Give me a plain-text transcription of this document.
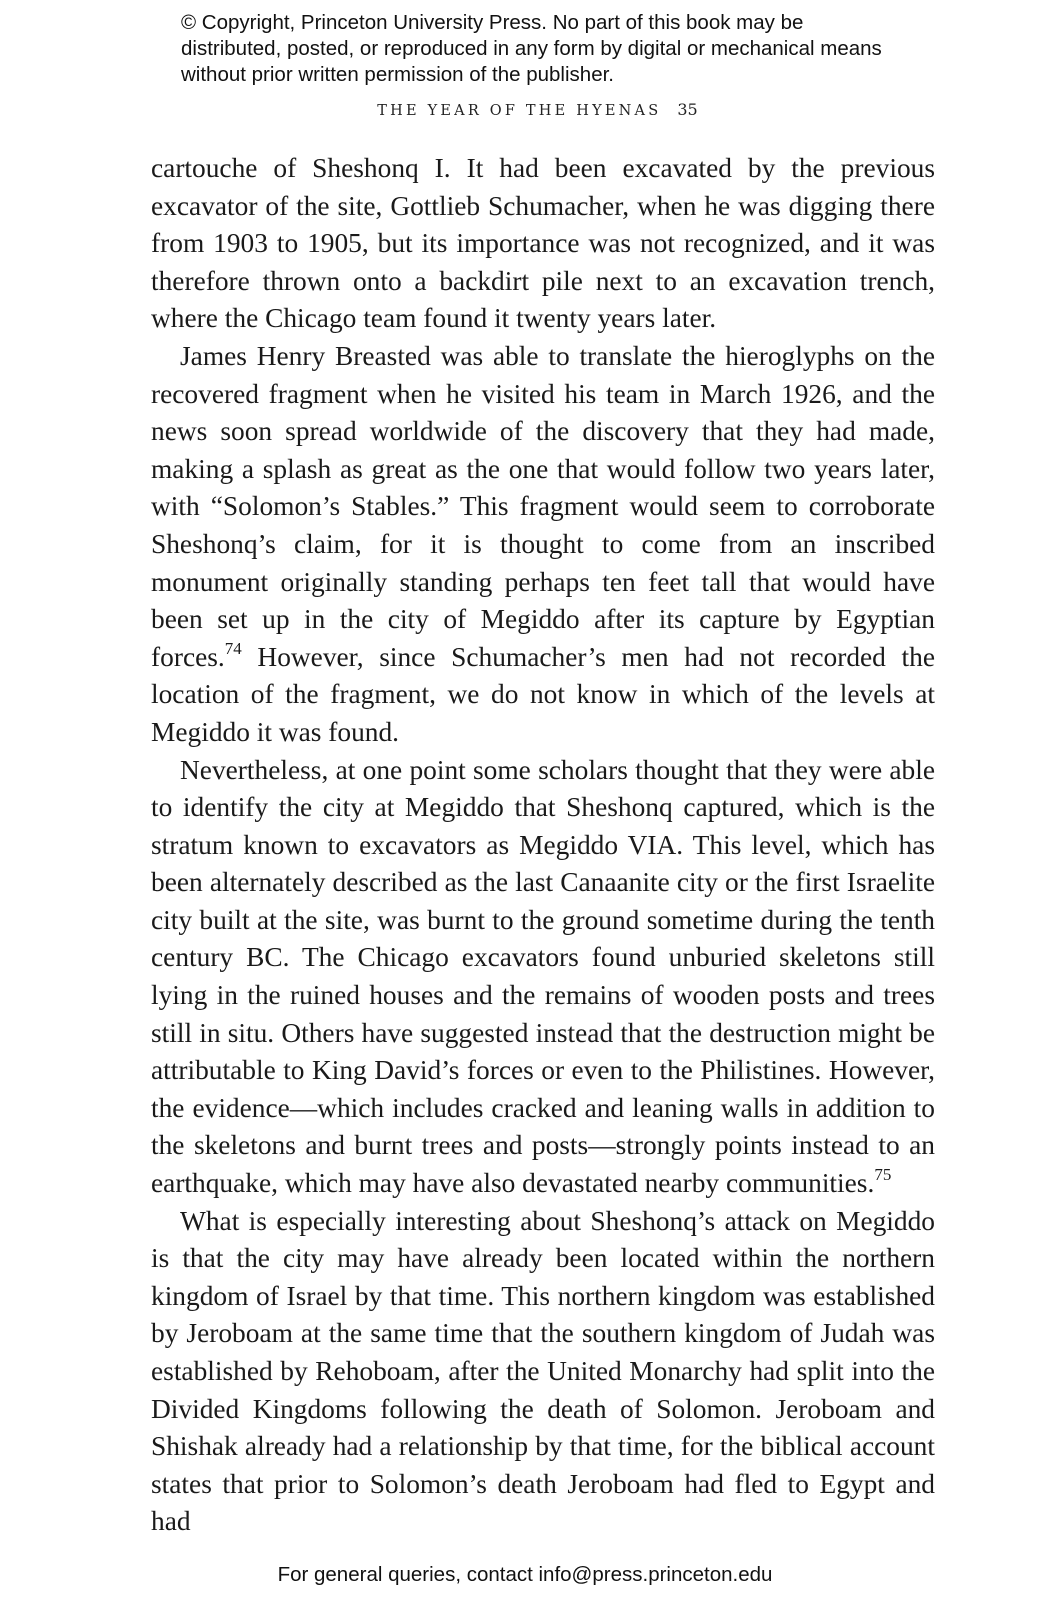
© Copyright, Princeton University Press. No part of this book may be distributed, posted, or reproduced in any form by digital or mechanical means without prior written permission of the publisher.
THE YEAR OF THE HYENAS 35

cartouche of Sheshonq I. It had been excavated by the previous excavator of the site, Gottlieb Schumacher, when he was digging there from 1903 to 1905, but its importance was not recognized, and it was therefore thrown onto a backdirt pile next to an excavation trench, where the Chicago team found it twenty years later.

James Henry Breasted was able to translate the hieroglyphs on the recovered fragment when he visited his team in March 1926, and the news soon spread worldwide of the discovery that they had made, making a splash as great as the one that would follow two years later, with “Solomon’s Stables.” This fragment would seem to corroborate Sheshonq’s claim, for it is thought to come from an inscribed monument originally standing perhaps ten feet tall that would have been set up in the city of Megiddo after its capture by Egyptian forces.$^{74}$ However, since Schumacher’s men had not recorded the location of the fragment, we do not know in which of the levels at Megiddo it was found.

Nevertheless, at one point some scholars thought that they were able to identify the city at Megiddo that Sheshonq captured, which is the stratum known to excavators as Megiddo VIA. This level, which has been alternately described as the last Canaanite city or the first Israelite city built at the site, was burnt to the ground sometime during the tenth century BC. The Chicago excavators found unburied skeletons still lying in the ruined houses and the remains of wooden posts and trees still in situ. Others have suggested instead that the destruction might be attributable to King David’s forces or even to the Philistines. However, the evidence—which includes cracked and leaning walls in addition to the skeletons and burnt trees and posts—strongly points instead to an earthquake, which may have also devastated nearby communities.$^{75}$

What is especially interesting about Sheshonq’s attack on Megiddo is that the city may have already been located within the northern kingdom of Israel by that time. This northern kingdom was established by Jeroboam at the same time that the southern kingdom of Judah was established by Rehoboam, after the United Monarchy had split into the Divided Kingdoms following the death of Solomon. Jeroboam and Shishak already had a relationship by that time, for the biblical account states that prior to Solomon’s death Jeroboam had fled to Egypt and had

For general queries, contact info@press.princeton.edu
